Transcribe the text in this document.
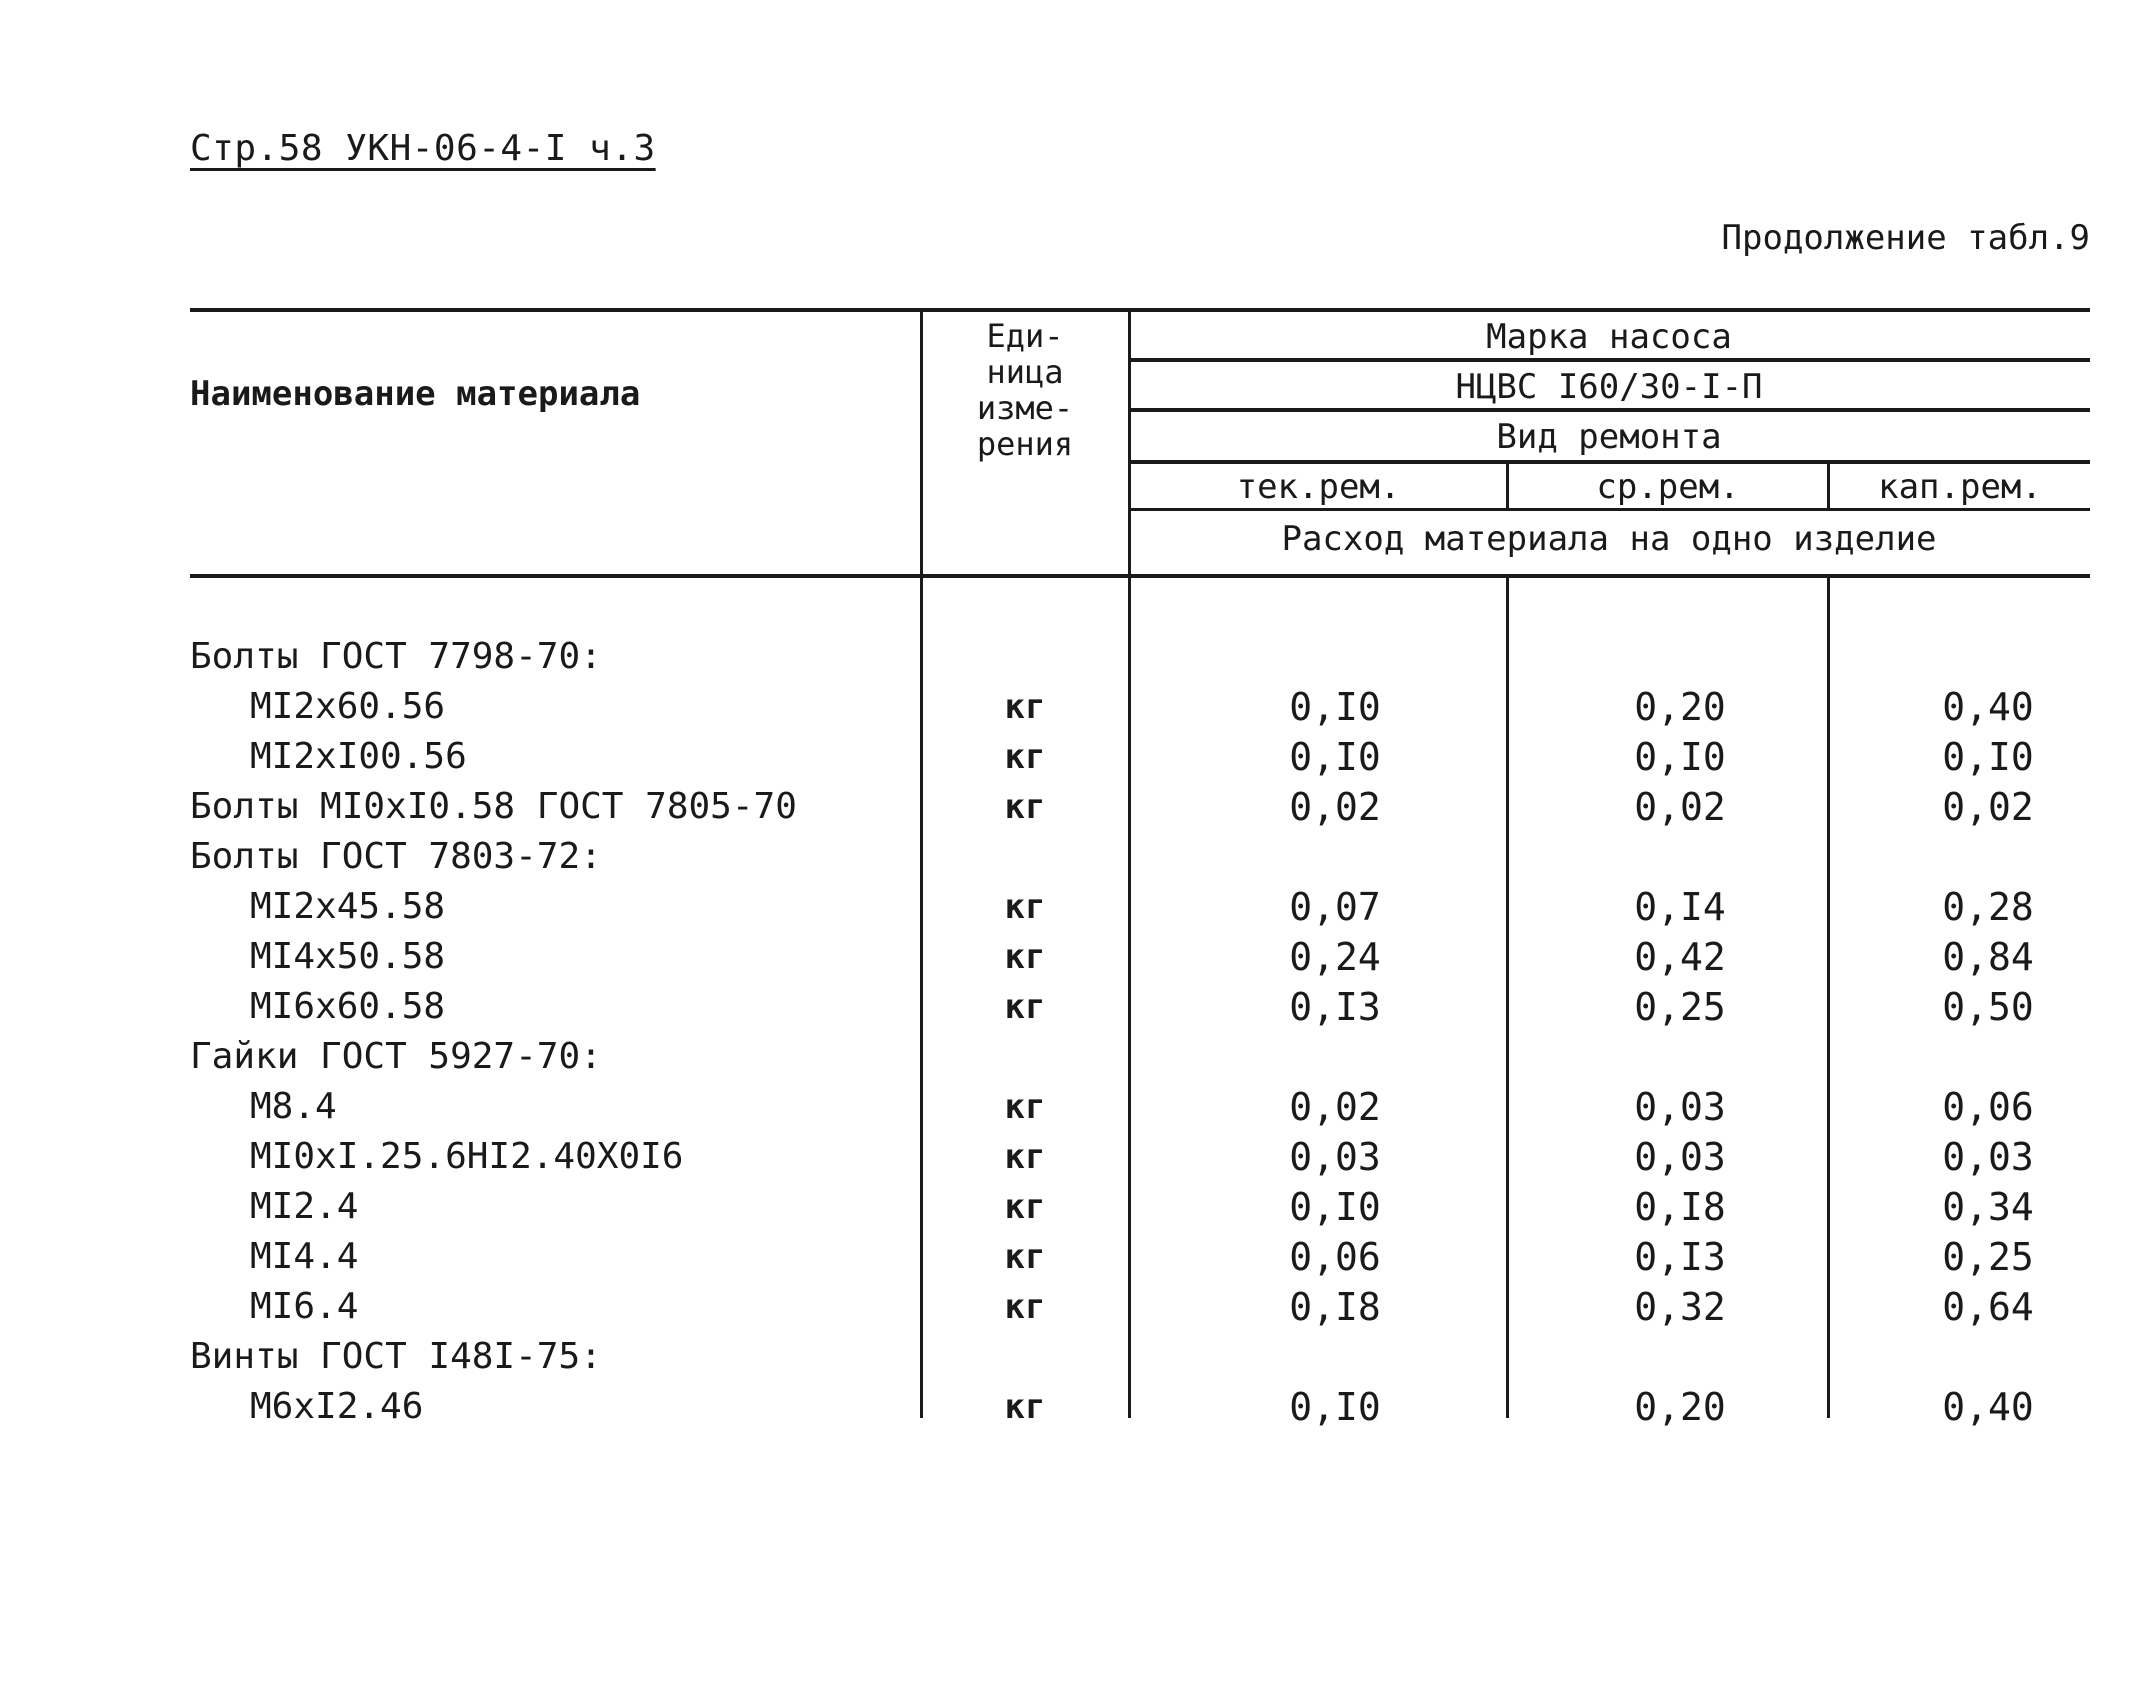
Стр.58 УКН-06-4-I ч.3
Продолжение табл.9
Наименование материала
Еди-
ница
изме-
рения
Марка насоса
НЦВС I60/30-I-П
Вид ремонта
тек.рем.	ср.рем.	кап.рем.
Расход материала на одно изделие
Болты ГОСТ 7798-70:
МI2х60.56	кг	0,I0	0,20	0,40
МI2хI00.56	кг	0,I0	0,I0	0,I0
Болты МI0хI0.58 ГОСТ 7805-70	кг	0,02	0,02	0,02
Болты ГОСТ 7803-72:
МI2х45.58	кг	0,07	0,I4	0,28
МI4х50.58	кг	0,24	0,42	0,84
МI6х60.58	кг	0,I3	0,25	0,50
Гайки ГОСТ 5927-70:
М8.4	кг	0,02	0,03	0,06
МI0хI.25.6НI2.40Х0I6	кг	0,03	0,03	0,03
МI2.4	кг	0,I0	0,I8	0,34
МI4.4	кг	0,06	0,I3	0,25
МI6.4	кг	0,I8	0,32	0,64
Винты ГОСТ I48I-75:
М6хI2.46	кг	0,I0	0,20	0,40
